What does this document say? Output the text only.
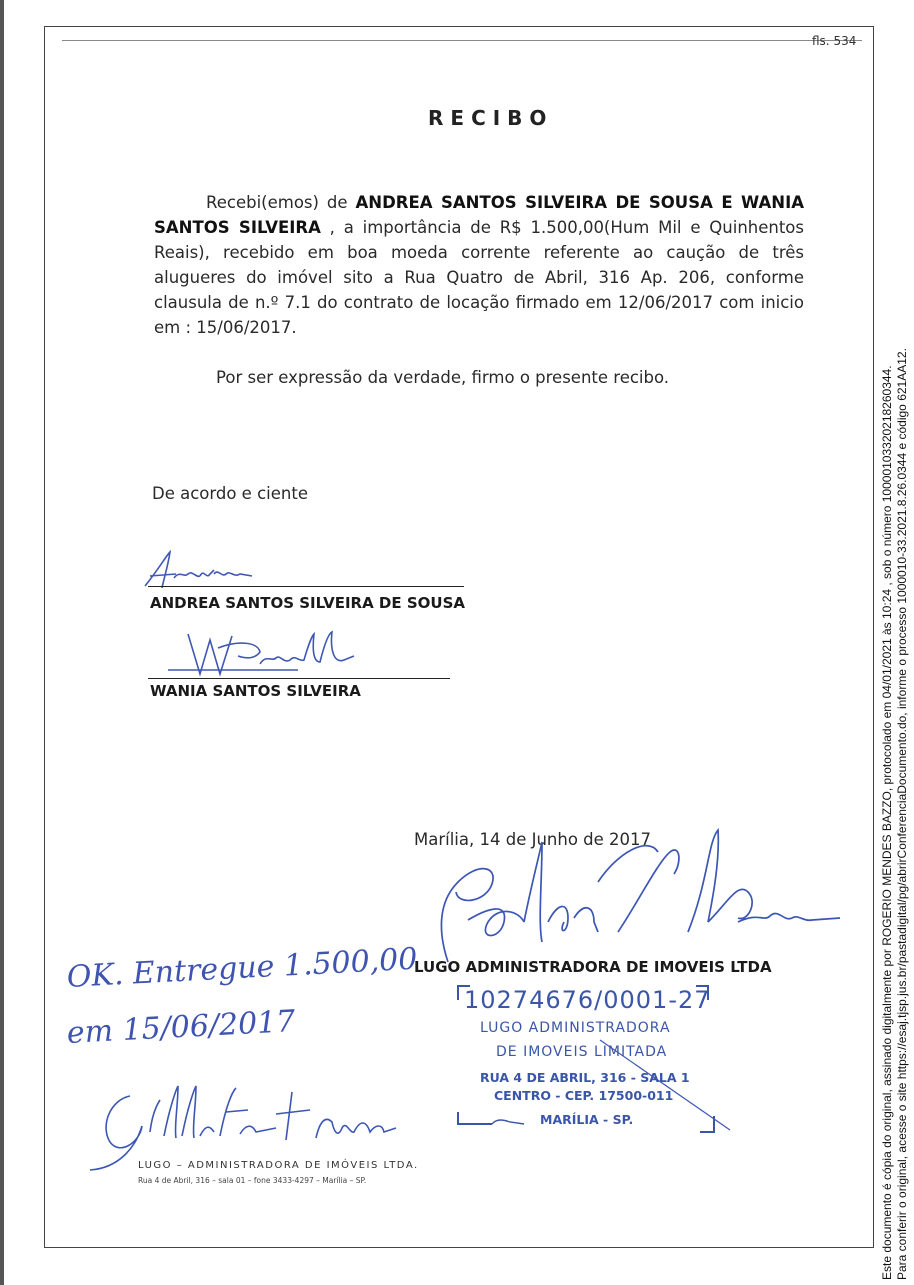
fls. 534
RECIBO
Recebi(emos) de ANDREA SANTOS SILVEIRA DE SOUSA E WANIA SANTOS SILVEIRA , a importância de R$ 1.500,00(Hum Mil e Quinhentos Reais), recebido em boa moeda corrente referente ao caução de três alugueres do imóvel sito a Rua Quatro de Abril, 316 Ap. 206, conforme clausula de n.º 7.1 do contrato de locação firmado em 12/06/2017 com inicio em : 15/06/2017.
Por ser expressão da verdade, firmo o presente recibo.
De acordo e ciente
ANDREA SANTOS SILVEIRA DE SOUSA
WANIA SANTOS SILVEIRA
Marília, 14 de Junho de 2017
LUGO ADMINISTRADORA DE IMOVEIS LTDA
10274676/0001-27
LUGO ADMINISTRADORA
DE IMOVEIS LIMITADA
RUA 4 DE ABRIL, 316 - SALA 1
CENTRO - CEP. 17500-011
MARÍLIA - SP.
OK. Entregue 1.500,00
em 15/06/2017
LUGO – ADMINISTRADORA DE IMÓVEIS LTDA.
Rua 4 de Abril, 316 – sala 01 – fone 3433-4297 – Marília – SP.	Este documento é cópia do original, assinado digitalmente por ROGERIO MENDES BAZZO, protocolado em 04/01/2021 às 10:24 , sob o número 10000103320218260344. Para conferir o original, acesse o site https://esaj.tjsp.jus.br/pastadigital/pg/abrirConferenciaDocumento.do, informe o processo 1000010-33.2021.8.26.0344 e código 621AA12.
